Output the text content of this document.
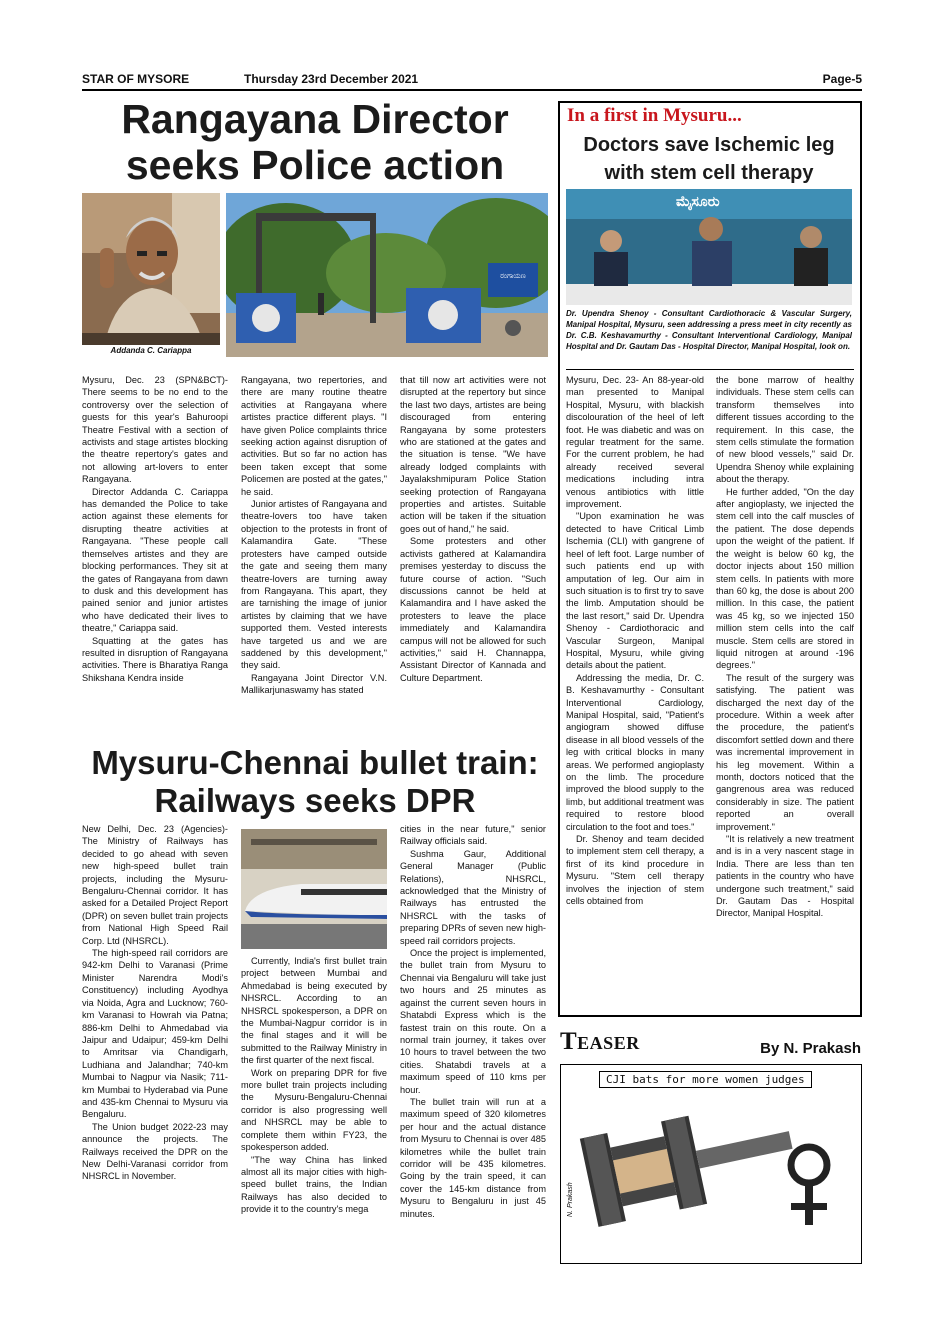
STAR OF MYSORE	Thursday 23rd December 2021	Page-5
Rangayana Director
seeks Police action
Addanda C. Cariappa
ರಂಗಾಯಣ

Mysuru, Dec. 23 (SPN&BCT)- There seems to be no end to the controversy over the selection of guests for this year's Bahuroopi Theatre Festival with a section of activists and stage artistes blocking the theatre repertory's gates and not allowing art-lovers to enter Rangayana.

Director Addanda C. Cariappa has demanded the Police to take action against these elements for disrupting theatre activities at Rangayana. "These people call themselves artistes and they are blocking performances. They sit at the gates of Rangayana from dawn to dusk and this development has pained senior and junior artistes who have dedicated their lives to theatre," Cariappa said.

Squatting at the gates has resulted in disruption of Rangayana activities. There is Bharatiya Ranga Shikshana Kendra inside

Rangayana, two repertories, and there are many routine theatre activities at Rangayana where artistes practice different plays. "I have given Police complaints thrice seeking action against disruption of activities. But so far no action has been taken except that some Policemen are posted at the gates," he said.

Junior artistes of Rangayana and theatre-lovers too have taken objection to the protests in front of Kalamandira Gate. "These protesters have camped outside the gate and seeing them many theatre-lovers are turning away from Rangayana. This apart, they are tarnishing the image of junior artistes by claiming that we have supported them. Vested interests have targeted us and we are saddened by this development," they said.

Rangayana Joint Director V.N. Mallikarjunaswamy has stated

that till now art activities were not disrupted at the repertory but since the last two days, artistes are being discouraged from entering Rangayana by some protesters who are stationed at the gates and the situation is tense. "We have already lodged complaints with Jayalakshmipuram Police Station seeking protection of Rangayana properties and artistes. Suitable action will be taken if the situation goes out of hand," he said.

Some protesters and other activists gathered at Kalamandira premises yesterday to discuss the future course of action. "Such discussions cannot be held at Kalamandira and I have asked the protesters to leave the place immediately and Kalamandira campus will not be allowed for such activities," said H. Channappa, Assistant Director of Kannada and Culture Department.

Mysuru-Chennai bullet train:
Railways seeks DPR

New Delhi, Dec. 23 (Agencies)- The Ministry of Railways has decided to go ahead with seven new high-speed bullet train projects, including the Mysuru-Bengaluru-Chennai corridor. It has asked for a Detailed Project Report (DPR) on seven bullet train projects from National High Speed Rail Corp. Ltd (NHSRCL).

The high-speed rail corridors are 942-km Delhi to Varanasi (Prime Minister Narendra Modi's Constituency) including Ayodhya via Noida, Agra and Lucknow; 760-km Varanasi to Howrah via Patna; 886-km Delhi to Ahmedabad via Jaipur and Udaipur; 459-km Delhi to Amritsar via Chandigarh, Ludhiana and Jalandhar; 740-km Mumbai to Nagpur via Nasik; 711-km Mumbai to Hyderabad via Pune and 435-km Chennai to Mysuru via Bengaluru.

The Union budget 2022-23 may announce the projects. The Railways received the DPR on the New Delhi-Varanasi corridor from NHSRCL in November.

Currently, India's first bullet train project between Mumbai and Ahmedabad is being executed by NHSRCL. According to an NHSRCL spokesperson, a DPR on the Mumbai-Nagpur corridor is in the final stages and it will be submitted to the Railway Ministry in the first quarter of the next fiscal.

Work on preparing DPR for five more bullet train projects including the Mysuru-Bengaluru-Chennai corridor is also progressing well and NHSRCL may be able to complete them within FY23, the spokesperson added.

"The way China has linked almost all its major cities with high-speed bullet trains, the Indian Railways has also decided to provide it to the country's mega

cities in the near future," senior Railway officials said.

Sushma Gaur, Additional General Manager (Public Relations), NHSRCL, acknowledged that the Ministry of Railways has entrusted the NHSRCL with the tasks of preparing DPRs of seven new high-speed rail corridors projects.

Once the project is implemented, the bullet train from Mysuru to Chennai via Bengaluru will take just two hours and 25 minutes as against the current seven hours in Shatabdi Express which is the fastest train on this route. On a normal train journey, it takes over 10 hours to travel between the two cities. Shatabdi travels at a maximum speed of 110 kms per hour.

The bullet train will run at a maximum speed of 320 kilometres per hour and the actual distance from Mysuru to Chennai is over 485 kilometres while the bullet train corridor will be 435 kilometres. Going by the train speed, it can cover the 145-km distance from Mysuru to Bengaluru in just 45 minutes.

In a first in Mysuru...
Doctors save Ischemic leg
with stem cell therapy
ಮೈಸೂರು
Dr. Upendra Shenoy - Consultant Cardiothoracic & Vascular Surgery, Manipal Hospital, Mysuru, seen addressing a press meet in city recently as Dr. C.B. Keshavamurthy - Consultant Interventional Cardiology, Manipal Hospital and Dr. Gautam Das - Hospital Director, Manipal Hospital, look on.

Mysuru, Dec. 23- An 88-year-old man presented to Manipal Hospital, Mysuru, with blackish discolouration of the heel of left foot. He was diabetic and was on regular treatment for the same. For the current problem, he had already received several medications including intra venous antibiotics with little improvement.

"Upon examination he was detected to have Critical Limb Ischemia (CLI) with gangrene of heel of left foot. Large number of such patients end up with amputation of leg. Our aim in such situation is to first try to save the limb. Amputation should be the last resort," said Dr. Upendra Shenoy - Cardiothoracic and Vascular Surgeon, Manipal Hospital, Mysuru, while giving details about the patient.

Addressing the media, Dr. C. B. Keshavamurthy - Consultant Interventional Cardiology, Manipal Hospital, said, "Patient's angiogram showed diffuse disease in all blood vessels of the leg with critical blocks in many areas. We performed angioplasty on the limb. The procedure improved the blood supply to the limb, but additional treatment was required to restore blood circulation to the foot and toes."

Dr. Shenoy and team decided to implement stem cell therapy, a first of its kind procedure in Mysuru. "Stem cell therapy involves the injection of stem cells obtained from

the bone marrow of healthy individuals. These stem cells can transform themselves into different tissues according to the requirement. In this case, the stem cells stimulate the formation of new blood vessels," said Dr. Upendra Shenoy while explaining about the therapy.

He further added, "On the day after angioplasty, we injected the stem cell into the calf muscles of the patient. The dose depends upon the weight of the patient. If the weight is below 60 kg, the doctor injects about 150 million stem cells. In patients with more than 60 kg, the dose is about 200 million. In this case, the patient was 45 kg, so we injected 150 million stem cells into the calf muscle. Stem cells are stored in liquid nitrogen at around -196 degrees."

The result of the surgery was satisfying. The patient was discharged the next day of the procedure. Within a week after the procedure, the patient's discomfort settled down and there was incremental improvement in his leg movement. Within a month, doctors noticed that the gangrenous area was reduced considerably in size. The patient reported an overall improvement."

"It is relatively a new treatment and is in a very nascent stage in India. There are less than ten patients in the country who have undergone such treatment," said Dr. Gautam Das - Hospital Director, Manipal Hospital.

Teaser	By N. Prakash
CJI bats for more women judges
N. Prakash
